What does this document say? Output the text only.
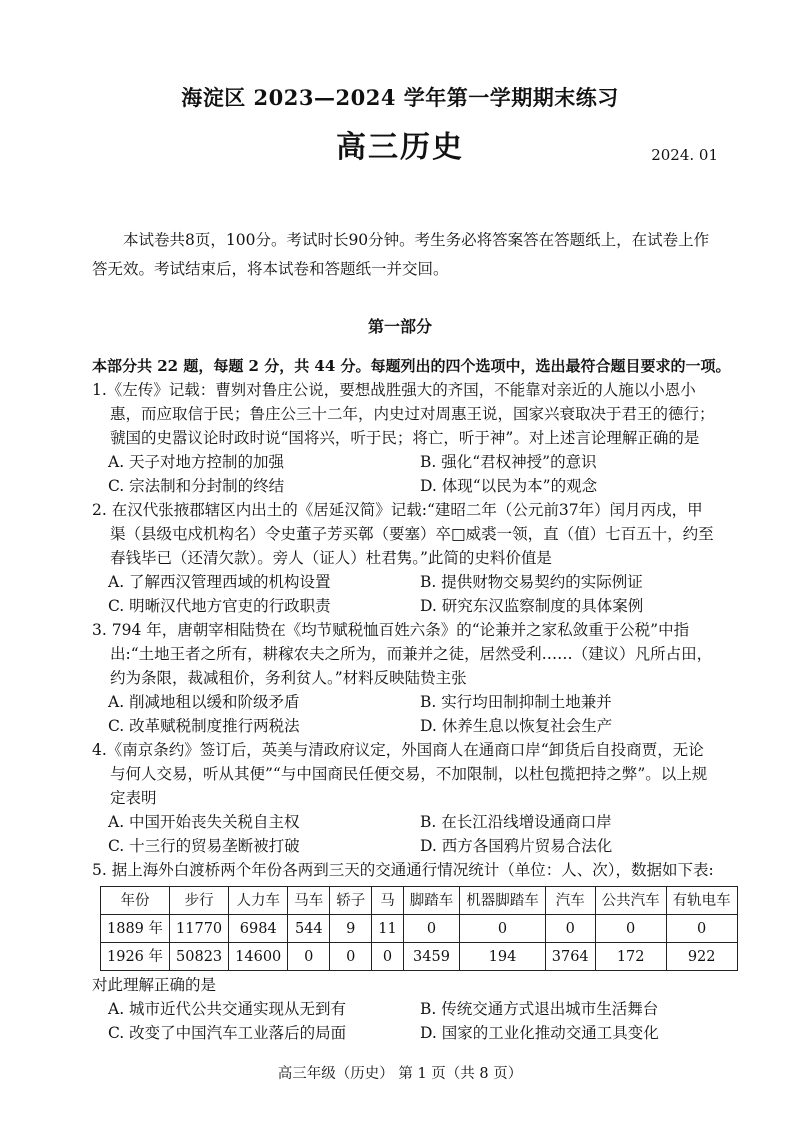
海淀区 2023—2024 学年第一学期期末练习
高三历史	2024. 01
本试卷共8页，100分。考试时长90分钟。考生务必将答案答在答题纸上，在试卷上作答无效。考试结束后，将本试卷和答题纸一并交回。
第一部分
本部分共 22 题，每题 2 分，共 44 分。每题列出的四个选项中，选出最符合题目要求的一项。
1.《左传》记载：曹刿对鲁庄公说，要想战胜强大的齐国，不能靠对亲近的人施以小恩小惠，而应取信于民；鲁庄公三十二年，内史过对周惠王说，国家兴衰取决于君王的德行；虢国的史嚣议论时政时说“国将兴，听于民；将亡，听于神”。对上述言论理解正确的是
A. 天子对地方控制的加强	B. 强化“君权神授”的意识
C. 宗法制和分封制的终结	D. 体现“以民为本”的观念
2. 在汉代张掖郡辖区内出土的《居延汉简》记载:“建昭二年（公元前37年）闰月丙戌，甲渠（县级屯戍机构名）令史董子芳买鄣（要塞）卒□威裘一领，直（值）七百五十，约至春钱毕已（还清欠款）。旁人（证人）杜君隽。”此简的史料价值是
A. 了解西汉管理西域的机构设置	B. 提供财物交易契约的实际例证
C. 明晰汉代地方官吏的行政职责	D. 研究东汉监察制度的具体案例
3. 794 年，唐朝宰相陆贽在《均节赋税恤百姓六条》的“论兼并之家私敛重于公税”中指出:“土地王者之所有，耕稼农夫之所为，而兼并之徒，居然受利……（建议）凡所占田，约为条限，裁减租价，务利贫人。”材料反映陆贽主张
A. 削减地租以缓和阶级矛盾	B. 实行均田制抑制土地兼并
C. 改革赋税制度推行两税法	D. 休养生息以恢复社会生产
4.《南京条约》签订后，英美与清政府议定，外国商人在通商口岸“卸货后自投商贾，无论与何人交易，听从其便”“与中国商民任便交易，不加限制，以杜包揽把持之弊”。以上规定表明
A. 中国开始丧失关税自主权	B. 在长江沿线增设通商口岸
C. 十三行的贸易垄断被打破	D. 西方各国鸦片贸易合法化
5. 据上海外白渡桥两个年份各两到三天的交通通行情况统计（单位：人、次），数据如下表:
年份	步行	人力车	马车	轿子	马	脚踏车	机器脚踏车	汽车	公共汽车	有轨电车
1889 年	11770	6984	544	9	11	0	0	0	0	0
1926 年	50823	14600	0	0	0	3459	194	3764	172	922
对此理解正确的是
A. 城市近代公共交通实现从无到有	B. 传统交通方式退出城市生活舞台
C. 改变了中国汽车工业落后的局面	D. 国家的工业化推动交通工具变化
高三年级（历史） 第 1 页（共 8 页）
